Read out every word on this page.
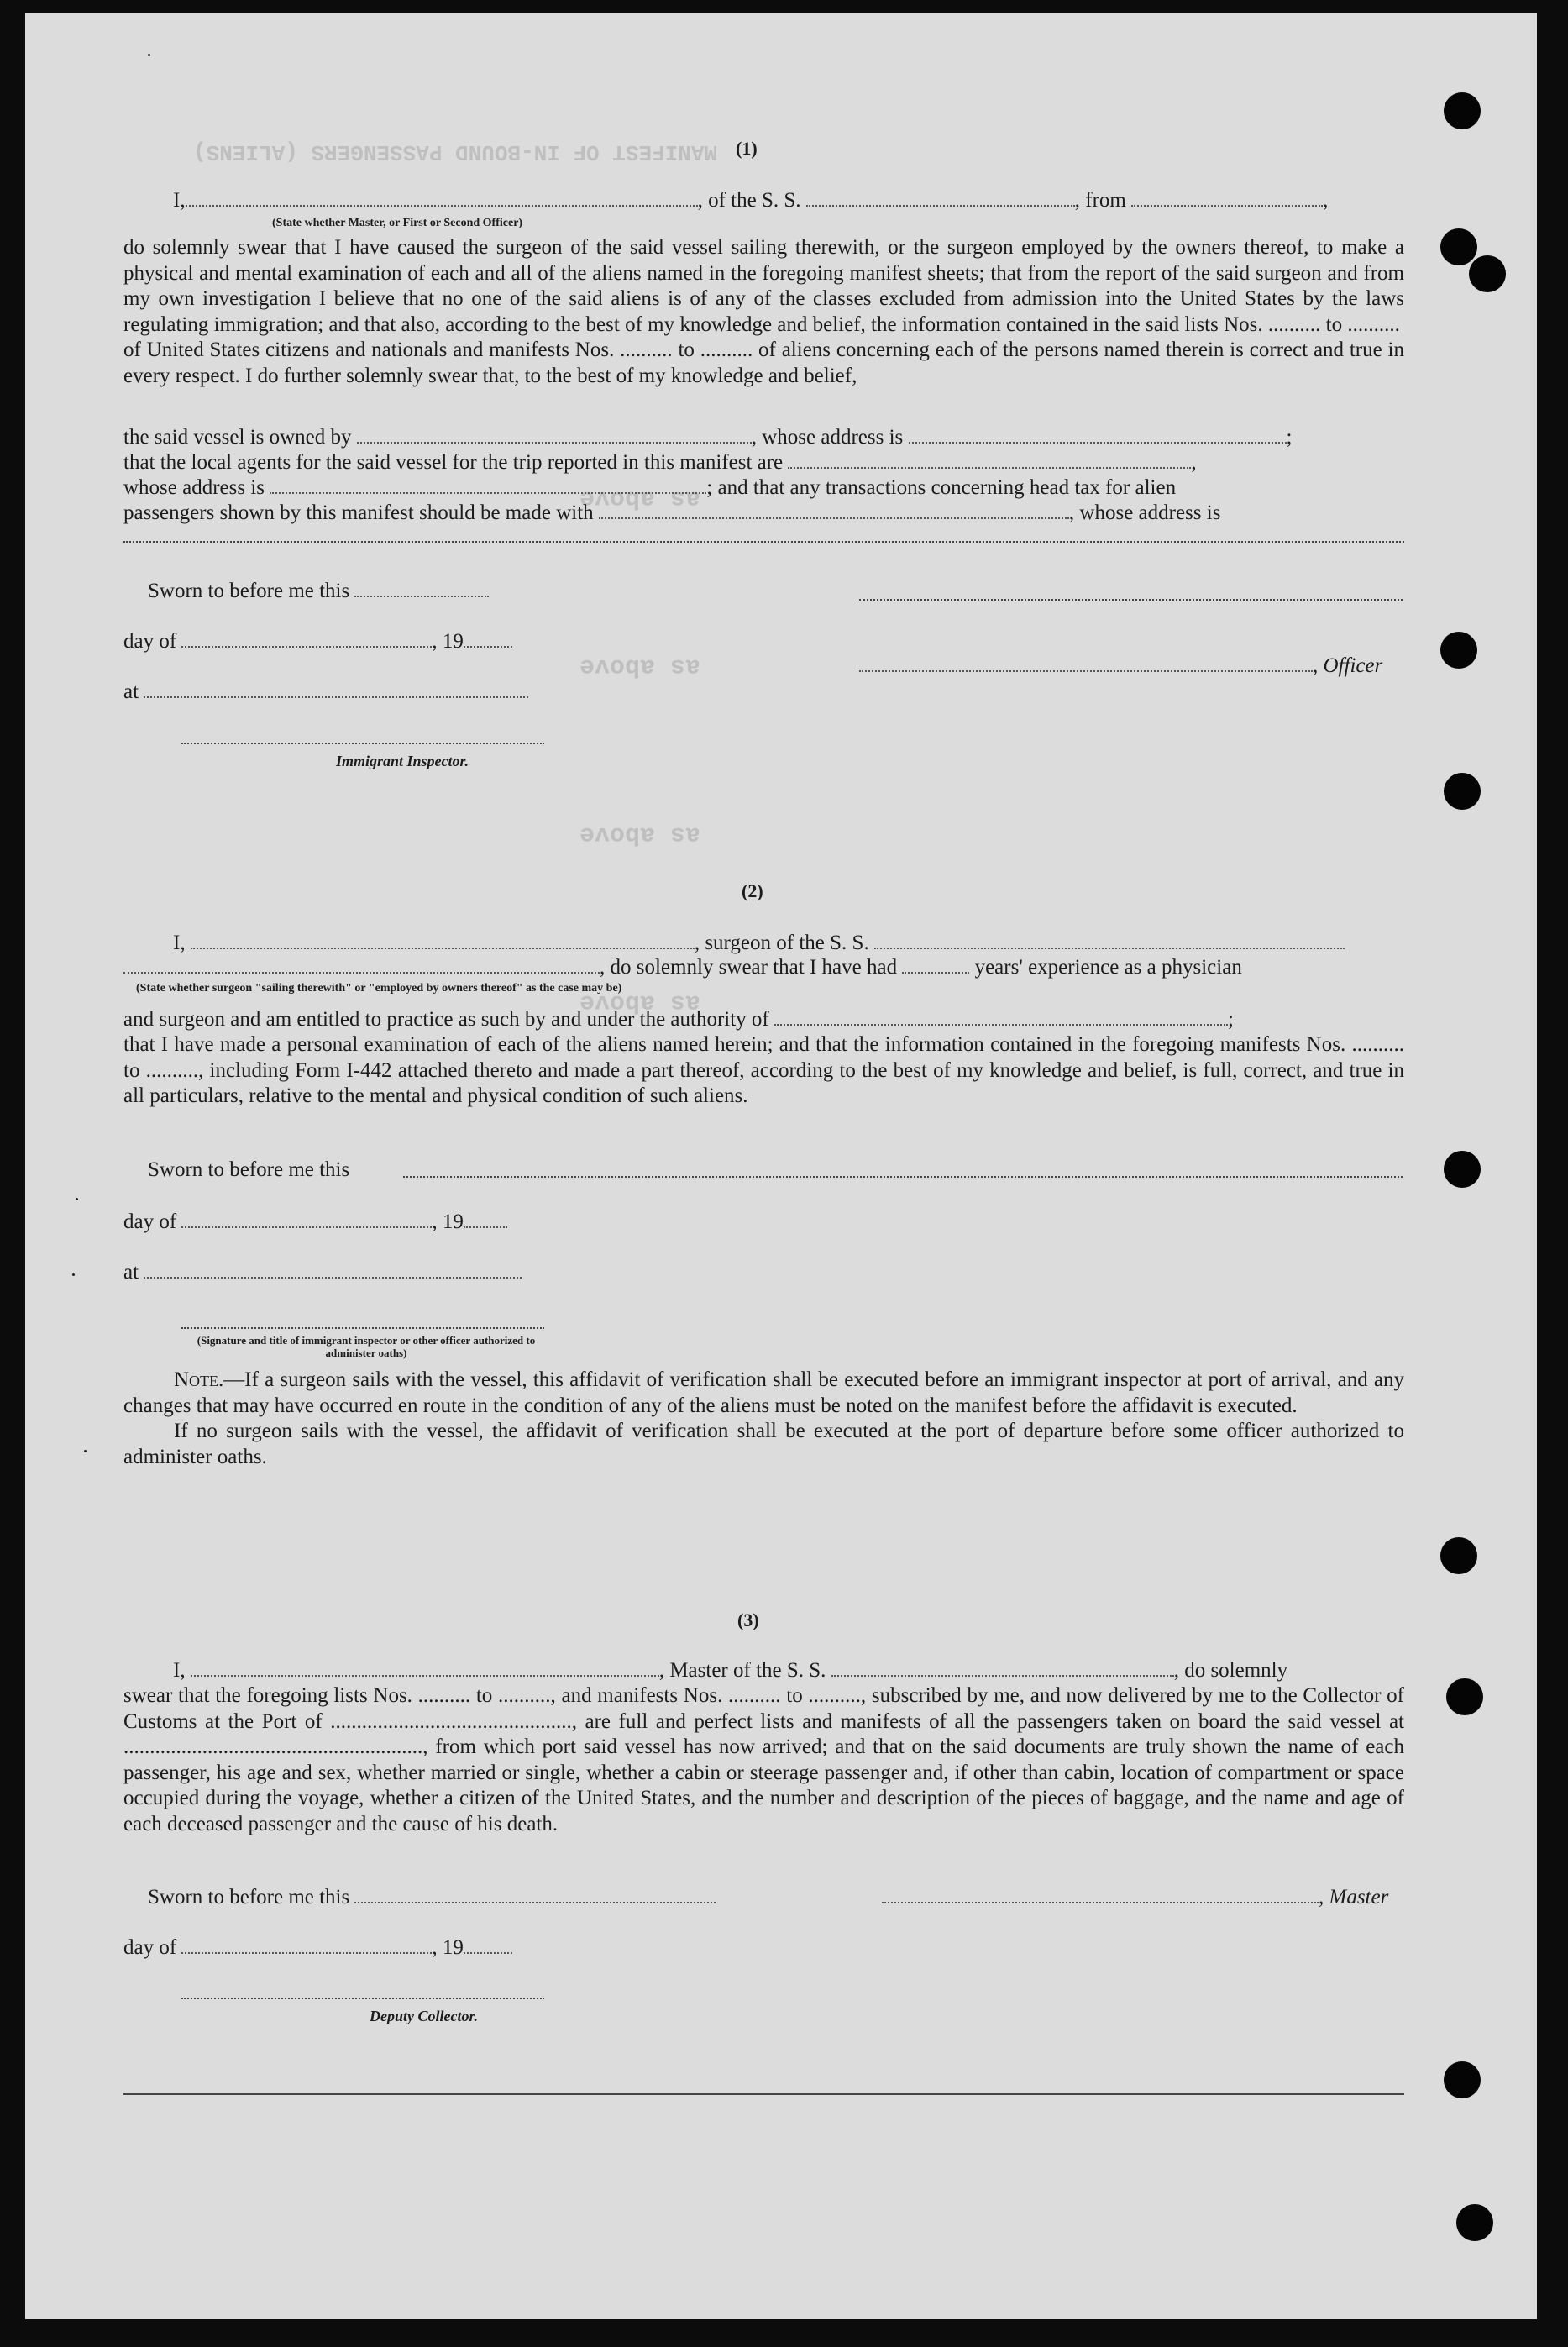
MANIFEST OF IN-BOUND PASSENGERS (ALIENS)
as above
as above
as above
as above
(1)
I,	, of the S. S.	, from	,
(State whether Master, or First or Second Officer)

do solemnly swear that I have caused the surgeon of the said vessel sailing therewith, or the surgeon employed by the owners thereof, to make a physical and mental examination of each and all of the aliens named in the foregoing manifest sheets; that from the report of the said surgeon and from my own investigation I believe that no one of the said aliens is of any of the classes excluded from admission into the United States by the laws regulating immigration; and that also, according to the best of my knowledge and belief, the information contained in the said lists Nos. .......... to ..........

of United States citizens and nationals and manifests Nos. .......... to .......... of aliens concerning each of the persons named therein is correct and true in every respect. I do further solemnly swear that, to the best of my knowledge and belief,

the said vessel is owned by	, whose address is	;
that the local agents for the said vessel for the trip reported in this manifest are	,
whose address is	; and that any transactions concerning head tax for alien
passengers shown by this manifest should be made with	, whose address is
Sworn to before me this
day of	, 19
, Officer
at
Immigrant Inspector.
(2)
I,	, surgeon of the S. S.
, do solemnly swear that I have had	years' experience as a physician
(State whether surgeon "sailing therewith" or "employed by owners thereof" as the case may be)
and surgeon and am entitled to practice as such by and under the authority of	;

that I have made a personal examination of each of the aliens named herein; and that the information contained in the foregoing manifests Nos. .......... to .........., including Form I-442 attached thereto and made a part thereof, according to the best of my knowledge and belief, is full, correct, and true in all particulars, relative to the mental and physical condition of such aliens.

Sworn to before me this
day of	, 19
at
(Signature and title of immigrant inspector or other officer authorized to administer oaths)

Note.—If a surgeon sails with the vessel, this affidavit of verification shall be executed before an immigrant inspector at port of arrival, and any changes that may have occurred en route in the condition of any of the aliens must be noted on the manifest before the affidavit is executed.

If no surgeon sails with the vessel, the affidavit of verification shall be executed at the port of departure before some officer authorized to administer oaths.

(3)
I,	, Master of the S. S.	, do solemnly

swear that the foregoing lists Nos. .......... to .........., and manifests Nos. .......... to .........., subscribed by me, and now delivered by me to the Collector of Customs at the Port of .............................................., are full and perfect lists and manifests of all the passengers taken on board the said vessel at ........................................................., from which port said vessel has now arrived; and that on the said documents are truly shown the name of each passenger, his age and sex, whether married or single, whether a cabin or steerage passenger and, if other than cabin, location of compartment or space occupied during the voyage, whether a citizen of the United States, and the number and description of the pieces of baggage, and the name and age of each deceased passenger and the cause of his death.

Sworn to before me this	, Master
day of	, 19
Deputy Collector.
